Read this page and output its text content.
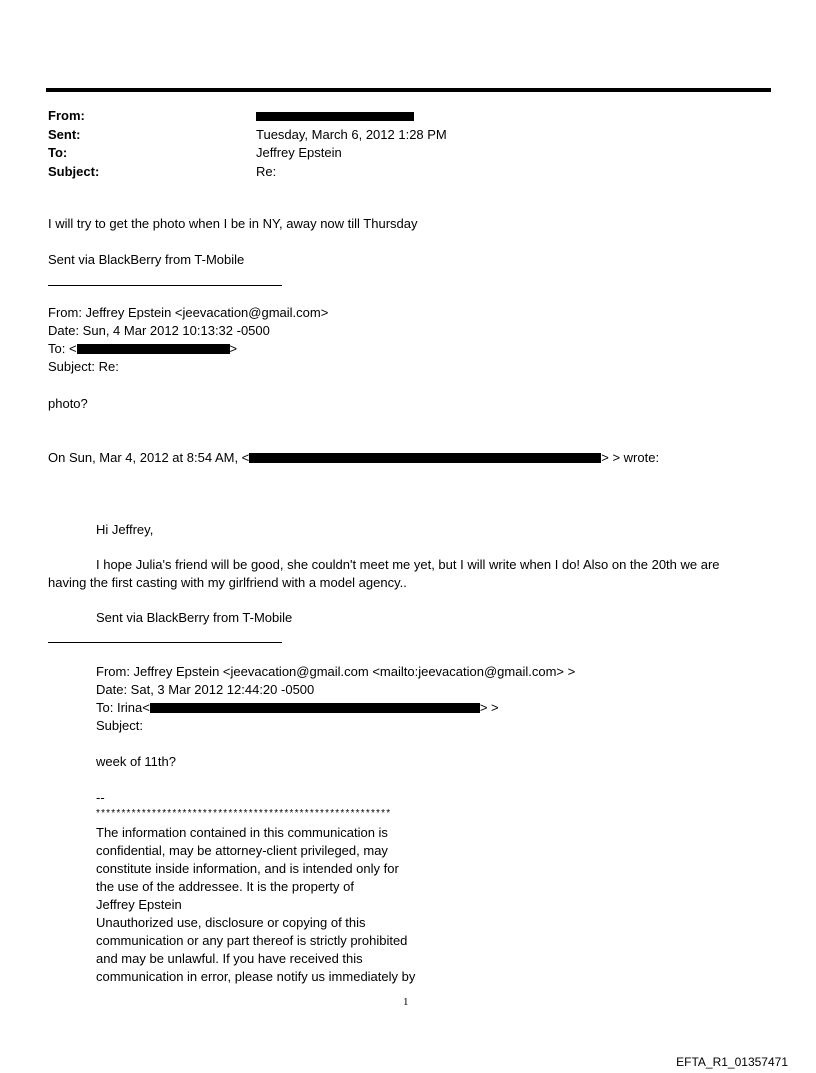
From:
Sent:	Tuesday, March 6, 2012 1:28 PM
To:	Jeffrey Epstein
Subject:	Re:
I will try to get the photo when I be in NY, away now till Thursday
Sent via BlackBerry from T-Mobile
From: Jeffrey Epstein <jeevacation@gmail.com>
Date: Sun, 4 Mar 2012 10:13:32 -0500
To: <	>
Subject: Re:
photo?
On Sun, Mar 4, 2012 at 8:54 AM, <	> > wrote:
Hi Jeffrey,
I hope Julia's friend will be good, she couldn't meet me yet, but I will write when I do! Also on the 20th we are
having the first casting with my girlfriend with a model agency..
Sent via BlackBerry from T-Mobile
From: Jeffrey Epstein <jeevacation@gmail.com <mailto:jeevacation@gmail.com> >
Date: Sat, 3 Mar 2012 12:44:20 -0500
To: Irina<	> >
Subject:
week of 11th?
--
**********************************************************
The information contained in this communication is
confidential, may be attorney-client privileged, may
constitute inside information, and is intended only for
the use of the addressee. It is the property of
Jeffrey Epstein
Unauthorized use, disclosure or copying of this
communication or any part thereof is strictly prohibited
and may be unlawful. If you have received this
communication in error, please notify us immediately by
1
EFTA_R1_01357471
